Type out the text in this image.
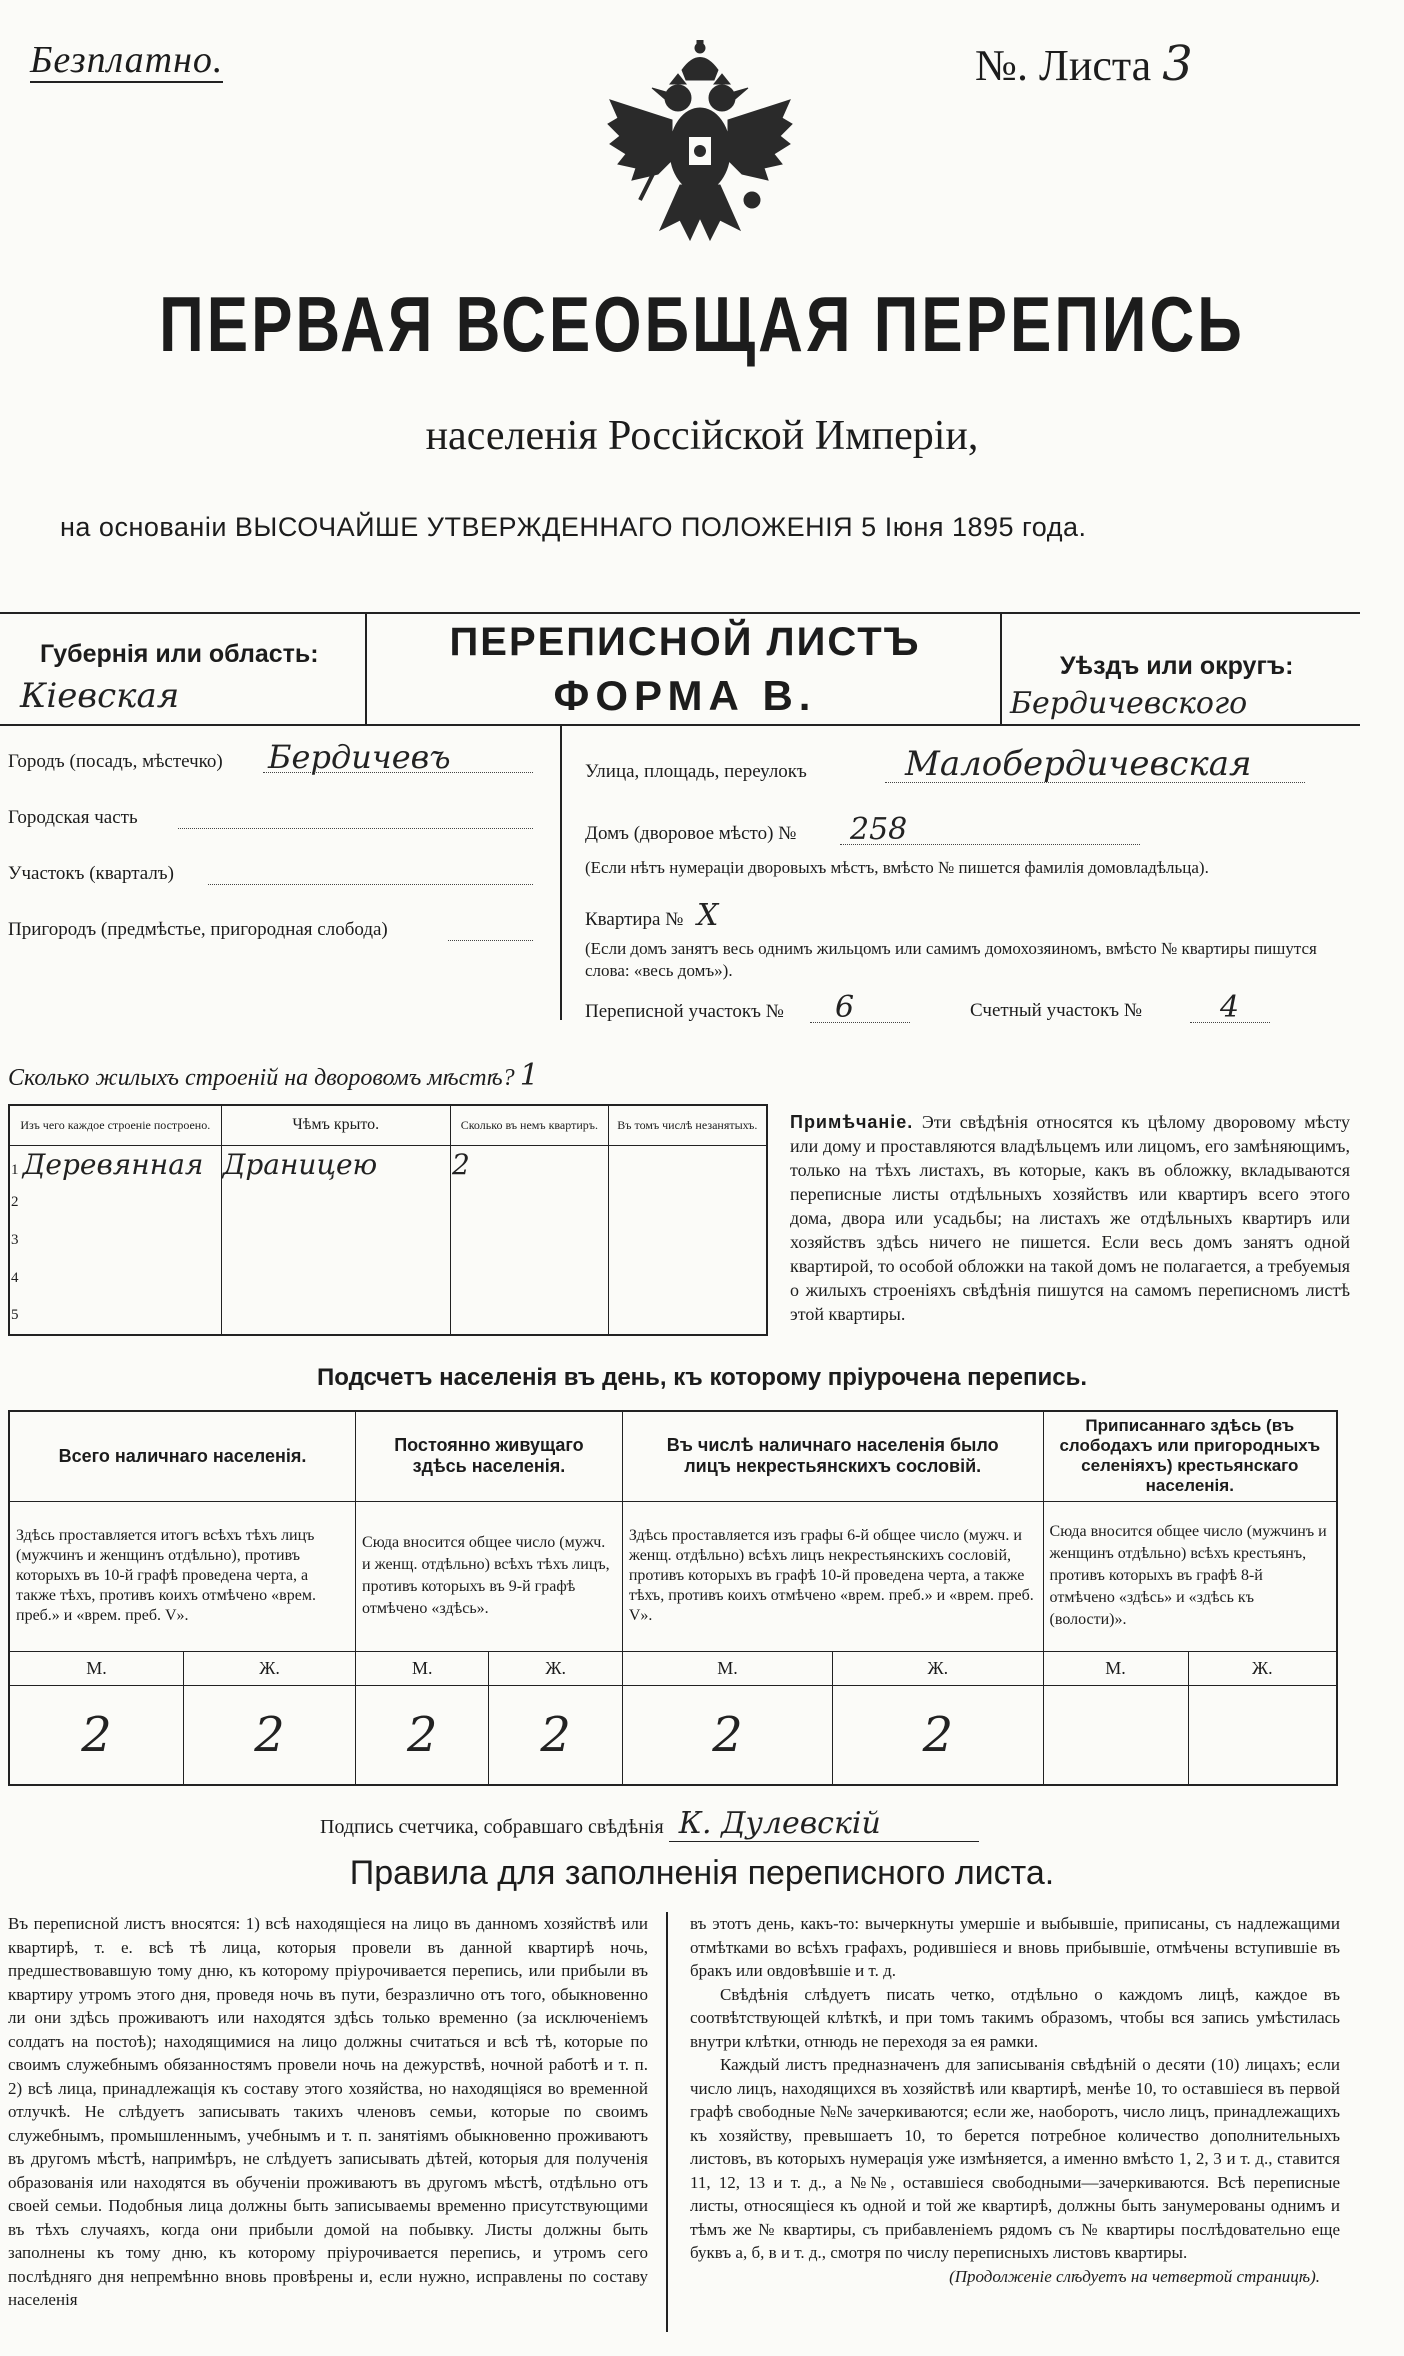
Безплатно.	№. Листа 3
ПЕРВАЯ ВСЕОБЩАЯ ПЕРЕПИСЬ
населенія Россійской Имперіи,
на основаніи ВЫСОЧАЙШЕ УТВЕРЖДЕННАГО ПОЛОЖЕНІЯ 5 Іюня 1895 года.
Губернія или область:
Кіевская
ПЕРЕПИСНОЙ ЛИСТЪ
ФОРМА В.
Уѣздъ или округъ:
Бердичевского
Городъ (посадъ, мѣстечко) Бердичевъ
Городская часть
Участокъ (кварталъ)
Пригородъ (предмѣстье, пригородная слобода)
Улица, площадь, переулокъ	Малобердичевская
Домъ (дворовое мѣсто) № 258
(Если нѣтъ нумераціи дворовыхъ мѣстъ, вмѣсто № пишется фамилія домовладѣльца).
Квартира № Х
(Если домъ занятъ весь однимъ жильцомъ или самимъ домохозяиномъ, вмѣсто № квартиры пишутся слова: «весь домъ»).
Переписной участокъ № 6	Счетный участокъ №	4
Сколько жилыхъ строеній на дворовомъ мѣстѣ? 1
Изъ чего каждое строеніе построено.	Чѣмъ крыто.	Сколько въ немъ квартиръ.	Въ томъ числѣ незанятыхъ.
1 Деревянная	Драницею	2	
2			
3			
4			
5			
Примѣчаніе. Эти свѣдѣнія относятся къ цѣлому дворовому мѣсту или дому и проставляются владѣльцемъ или лицомъ, его замѣняющимъ, только на тѣхъ листахъ, въ которые, какъ въ обложку, вкладываются переписные листы отдѣльныхъ хозяйствъ или квартиръ всего этого дома, двора или усадьбы; на листахъ же отдѣльныхъ квартиръ или хозяйствъ здѣсь ничего не пишется. Если весь домъ занятъ одной квартирой, то особой обложки на такой домъ не полагается, а требуемыя о жилыхъ строеніяхъ свѣдѣнія пишутся на самомъ переписномъ листѣ этой квартиры.
Подсчетъ населенія въ день, къ которому пріурочена перепись.
Всего наличнаго населенія.		Постоянно живущаго здѣсь населенія.		Въ числѣ наличнаго населенія было лицъ некрестьянскихъ сословій.		Приписаннаго здѣсь (въ слободахъ или пригородныхъ селеніяхъ) крестьянскаго населенія.	
Здѣсь проставляется итогъ всѣхъ тѣхъ лицъ (мужчинъ и женщинъ отдѣльно), противъ которыхъ въ 10-й графѣ проведена черта, а также тѣхъ, противъ коихъ отмѣчено «врем. преб.» и «врем. преб. V».		Сюда вносится общее число (мужч. и женщ. отдѣльно) всѣхъ тѣхъ лицъ, противъ которыхъ въ 9-й графѣ отмѣчено «здѣсь».		Здѣсь проставляется изъ графы 6-й общее число (мужч. и женщ. отдѣльно) всѣхъ лицъ некрестьянскихъ сословій, противъ которыхъ въ графѣ 10-й проведена черта, а также тѣхъ, противъ коихъ отмѣчено «врем. преб.» и «врем. преб. V».		Сюда вносится общее число (мужчинъ и женщинъ отдѣльно) всѣхъ крестьянъ, противъ которыхъ въ графѣ 8-й отмѣчено «здѣсь» и «здѣсь къ (волости)».	
М.	Ж.	М.	Ж.	М.	Ж.	М.	Ж.
2	2	2	2	2	2		
Подпись счетчика, собравшаго свѣдѣнія К. Дулевскій
Правила для заполненія переписного листа.
Въ переписной листъ вносятся: 1) всѣ находящіеся на лицо въ данномъ хозяйствѣ или квартирѣ, т. е. всѣ тѣ лица, которыя провели въ данной квартирѣ ночь, предшествовавшую тому дню, къ которому пріурочивается перепись, или прибыли въ квартиру утромъ этого дня, проведя ночь въ пути, безразлично отъ того, обыкновенно ли они здѣсь проживаютъ или находятся здѣсь только временно (за исключеніемъ солдатъ на постоѣ); находящимися на лицо должны считаться и всѣ тѣ, которые по своимъ служебнымъ обязанностямъ провели ночь на дежурствѣ, ночной работѣ и т. п. 2) всѣ лица, принадлежащія къ составу этого хозяйства, но находящіяся во временной отлучкѣ. Не слѣдуетъ записывать такихъ членовъ семьи, которые по своимъ служебнымъ, промышленнымъ, учебнымъ и т. п. занятіямъ обыкновенно проживаютъ въ другомъ мѣстѣ, напримѣръ, не слѣдуетъ записывать дѣтей, которыя для полученія образованія или находятся въ обученіи проживаютъ въ другомъ мѣстѣ, отдѣльно отъ своей семьи. Подобныя лица должны быть записываемы временно присутствующими въ тѣхъ случаяхъ, когда они прибыли домой на побывку. Листы должны быть заполнены къ тому дню, къ которому пріурочивается перепись, и утромъ сего послѣдняго дня непремѣнно вновь провѣрены и, если нужно, исправлены по составу населенія
въ этотъ день, какъ-то: вычеркнуты умершіе и выбывшіе, приписаны, съ надлежащими отмѣтками во всѣхъ графахъ, родившіеся и вновь прибывшіе, отмѣчены вступившіе въ бракъ или овдовѣвшіе и т. д.
Свѣдѣнія слѣдуетъ писать четко, отдѣльно о каждомъ лицѣ, каждое въ соотвѣтствующей клѣткѣ, и при томъ такимъ образомъ, чтобы вся запись умѣстилась внутри клѣтки, отнюдь не переходя за ея рамки.
Каждый листъ предназначенъ для записыванія свѣдѣній о десяти (10) лицахъ; если число лицъ, находящихся въ хозяйствѣ или квартирѣ, менѣе 10, то оставшіеся въ первой графѣ свободные №№ зачеркиваются; если же, наоборотъ, число лицъ, принадлежащихъ къ хозяйству, превышаетъ 10, то берется потребное количество дополнительныхъ листовъ, въ которыхъ нумерація уже измѣняется, а именно вмѣсто 1, 2, 3 и т. д., ставится 11, 12, 13 и т. д., а №№, оставшіеся свободными—зачеркиваются. Всѣ переписные листы, относящіеся къ одной и той же квартирѣ, должны быть занумерованы однимъ и тѣмъ же № квартиры, съ прибавленіемъ рядомъ съ № квартиры послѣдовательно еще буквъ а, б, в и т. д., смотря по числу переписныхъ листовъ квартиры.
(Продолженіе слѣдуетъ на четвертой страницѣ).
